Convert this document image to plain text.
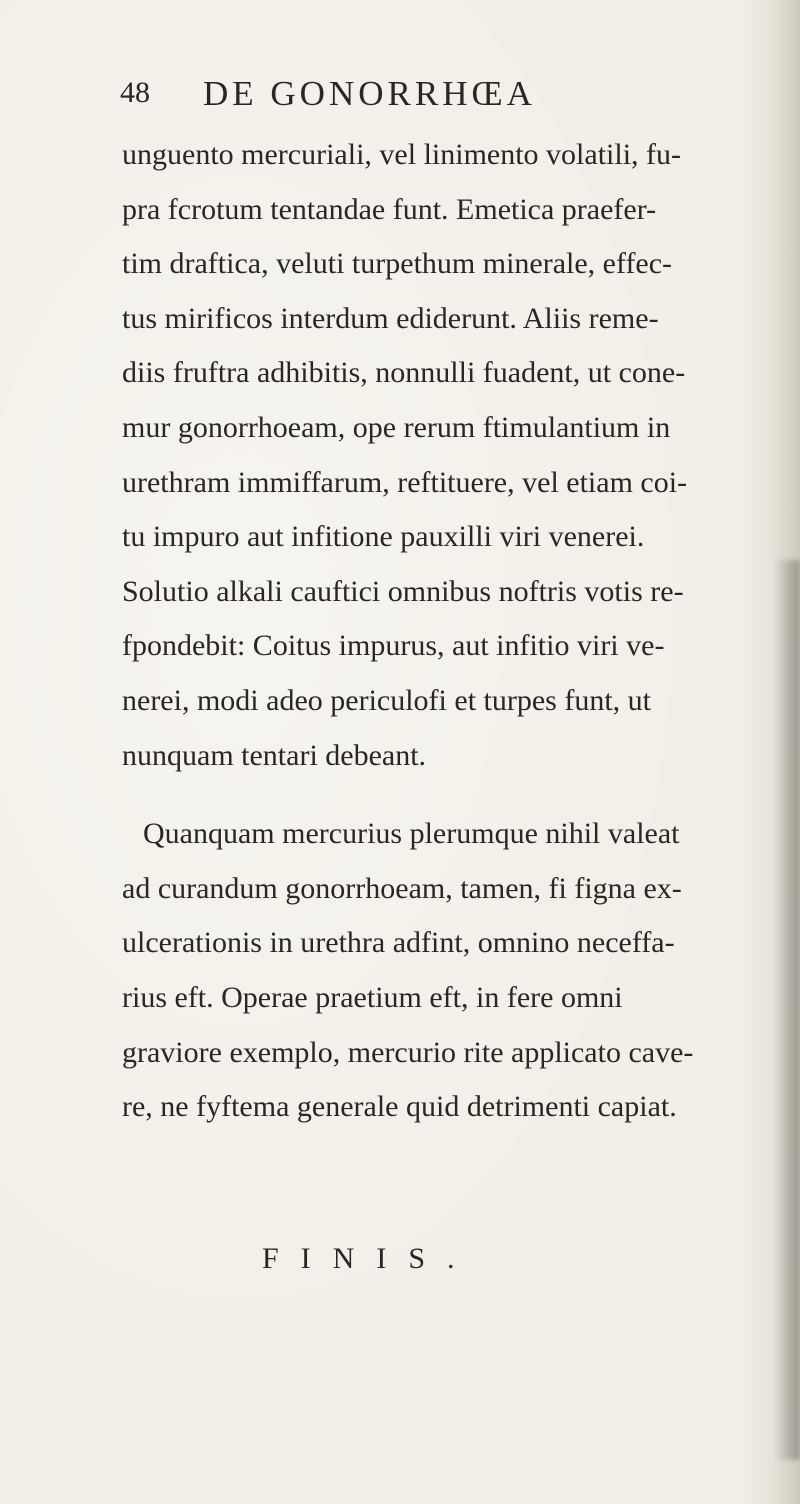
48 DE GONORRHŒA
unguento mercuriali, vel linimento volatili, fu-
pra fcrotum tentandae funt. Emetica praefer-
tim draftica, veluti turpethum minerale, effec-
tus mirificos interdum ediderunt. Aliis reme-
diis fruftra adhibitis, nonnulli fuadent, ut cone-
mur gonorrhoeam, ope rerum ftimulantium in
urethram immiffarum, reftituere, vel etiam coi-
tu impuro aut infitione pauxilli viri venerei.
Solutio alkali cauftici omnibus noftris votis re-
fpondebit: Coitus impurus, aut infitio viri ve-
nerei, modi adeo periculofi et turpes funt, ut
nunquam tentari debeant.
Quanquam mercurius plerumque nihil valeat
ad curandum gonorrhoeam, tamen, fi figna ex-
ulcerationis in urethra adfint, omnino neceffa-
rius eft. Operae praetium eft, in fere omni
graviore exemplo, mercurio rite applicato cave-
re, ne fyftema generale quid detrimenti capiat.
FINIS.
